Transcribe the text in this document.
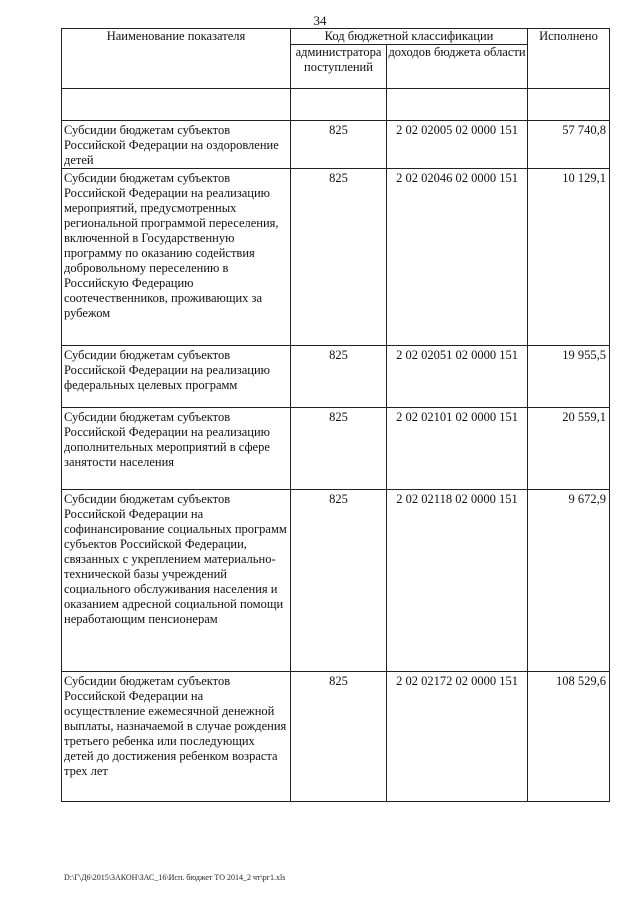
34
Наименование показателя	Код бюджетной классификации		Исполнено
	администратора поступлений	доходов бюджета области	

Субсидии бюджетам субъектов Российской Федерации на оздоровление детей	825	2 02 02005 02 0000 151	57 740,8
Субсидии бюджетам субъектов Российской Федерации на реализацию мероприятий, предусмотренных региональной программой переселения, включенной в Государственную программу по оказанию содействия добровольному переселению в Российскую Федерацию соотечественников, проживающих за рубежом	825	2 02 02046 02 0000 151	10 129,1
Субсидии бюджетам субъектов Российской Федерации на реализацию федеральных целевых программ	825	2 02 02051 02 0000 151	19 955,5
Субсидии бюджетам субъектов Российской Федерации на реализацию дополнительных мероприятий в сфере занятости населения	825	2 02 02101 02 0000 151	20 559,1
Субсидии бюджетам субъектов Российской Федерации на софинансирование социальных программ субъектов Российской Федерации, связанных с укреплением материально-технической базы учреждений социального обслуживания населения и оказанием адресной социальной помощи неработающим пенсионерам	825	2 02 02118 02 0000 151	9 672,9
Субсидии бюджетам субъектов Российской Федерации на осуществление ежемесячной денежной выплаты, назначаемой в случае рождения третьего ребенка или последующих детей до достижения ребенком возраста трех лет	825	2 02 02172 02 0000 151	108 529,6
D:\Г\Д6\2015\ЗАКОН\ЗАС_16\Исп. бюджет ТО 2014_2 чт\рг1.xls
